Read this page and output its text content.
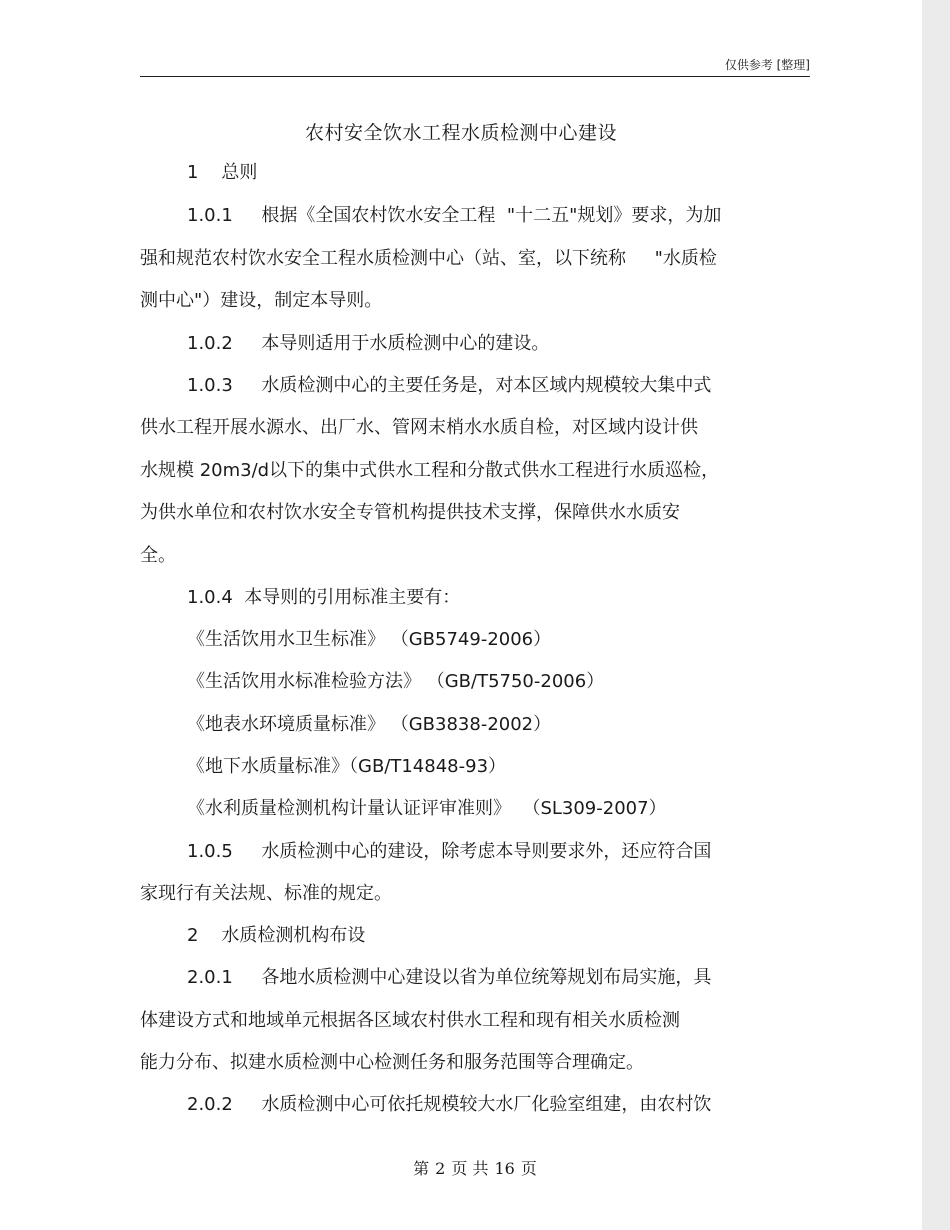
仅供参考 [整理]
农村安全饮水工程水质检测中心建设
1    总则
1.0.1     根据《全国农村饮水安全工程  "十二五"规划》要求，为加
强和规范农村饮水安全工程水质检测中心（站、室，以下统称     "水质检
测中心"）建设，制定本导则。
1.0.2     本导则适用于水质检测中心的建设。
1.0.3     水质检测中心的主要任务是，对本区域内规模较大集中式
供水工程开展水源水、出厂水、管网末梢水水质自检，对区域内设计供
水规模 20m3/d以下的集中式供水工程和分散式供水工程进行水质巡检，
为供水单位和农村饮水安全专管机构提供技术支撑，保障供水水质安
全。
1.0.4  本导则的引用标准主要有：
《生活饮用水卫生标准》 （GB5749-2006）
《生活饮用水标准检验方法》 （GB/T5750-2006）
《地表水环境质量标准》 （GB3838-2002）
《地下水质量标准》（GB/T14848-93）
《水利质量检测机构计量认证评审准则》  （SL309-2007）
1.0.5     水质检测中心的建设，除考虑本导则要求外，还应符合国
家现行有关法规、标准的规定。
2    水质检测机构布设
2.0.1     各地水质检测中心建设以省为单位统筹规划布局实施，具
体建设方式和地域单元根据各区域农村供水工程和现有相关水质检测
能力分布、拟建水质检测中心检测任务和服务范围等合理确定。
2.0.2     水质检测中心可依托规模较大水厂化验室组建，由农村饮
第 2 页 共 16 页
